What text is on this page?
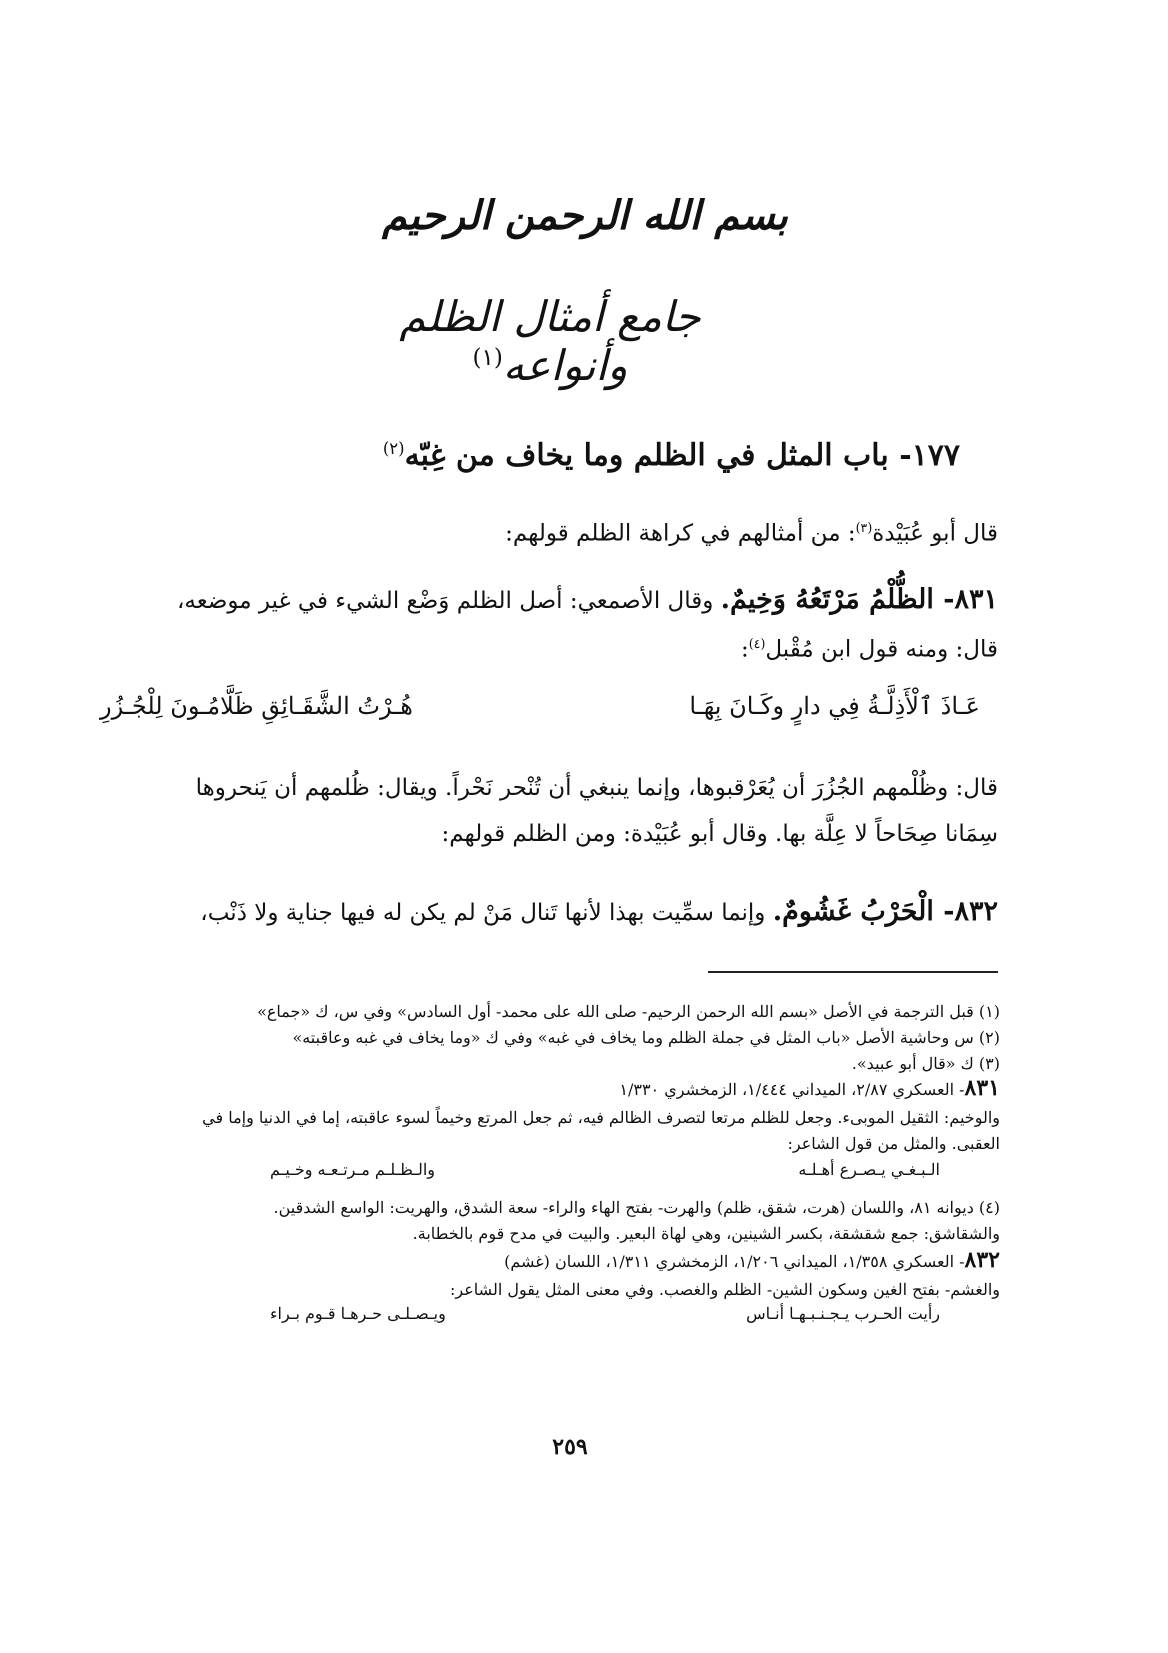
بسم الله الرحمن الرحيم
جامع أمثال الظلم وأنواعه$^{(١)}$
١٧٧- باب المثل في الظلم وما يخاف من غِبّه$^{(٢)}$
قال أبو عُبَيْدة$^{(٣)}$: من أمثالهم في كراهة الظلم قولهم:
٨٣١- الظُّلْمُ مَرْتَعُهُ وَخِيمٌ. وقال الأصمعي: أصل الظلم وَضْع الشيء في غير موضعه،
قال: ومنه قول ابن مُقْبل$^{(٤)}$:
هُـرْتُ الشَّقَـائِقِ ظَلَّامُـونَ لِلْجُـزُرِ	عَـاذَ ٱلْأَذِلَّـةُ فِي دارٍ وكَـانَ بِهَـا
قال: وظُلْمهم الجُزُرَ أن يُعَرْقبوها، وإنما ينبغي أن تُنْحر نَحْراً. ويقال: ظُلمهم أن يَنحروها
سِمَانا صِحَاحاً لا عِلَّة بها. وقال أبو عُبَيْدة: ومن الظلم قولهم:
٨٣٢- الْحَرْبُ غَشُومٌ. وإنما سمِّيت بهذا لأنها تَنال مَنْ لم يكن له فيها جناية ولا ذَنْب،
(١) قبل الترجمة في الأصل «بسم الله الرحمن الرحيم- صلى الله على محمد- أول السادس» وفي س، ك «جماع»
(٢) س وحاشية الأصل «باب المثل في جملة الظلم وما يخاف في غبه» وفي ك «وما يخاف في غبه وعاقبته»
(٣) ك «قال أبو عبيد».
٨٣١- العسكري ٢/٨٧، الميداني ١/٤٤٤، الزمخشري ١/٣٣٠
والوخيم: الثقيل الموبىء. وجعل للظلم مرتعا لتصرف الظالم فيه، ثم جعل المرتع وخيماً لسوء عاقبته، إما في الدنيا وإما في
العقبى. والمثل من قول الشاعر:
والـظـلـم مـرتـعـه وخـيـم	الـبـغـي يـصـرع أهـلـه
(٤) ديوانه ٨١، واللسان (هرت، شقق، ظلم) والهرت- بفتح الهاء والراء- سعة الشدق، والهريت: الواسع الشدقين.
والشقاشق: جمع شقشقة، بكسر الشينين، وهي لهاة البعير. والبيت في مدح قوم بالخطابة.
٨٣٢- العسكري ١/٣٥٨، الميداني ١/٢٠٦، الزمخشري ١/٣١١، اللسان (غشم)
والغشم- بفتح الغين وسكون الشين- الظلم والغصب. وفي معنى المثل يقول الشاعر:
ويـصـلـى حـرهـا قـوم بـراء	رأيت الحـرب يـجـنـبـهـا أنـاس
٢٥٩
